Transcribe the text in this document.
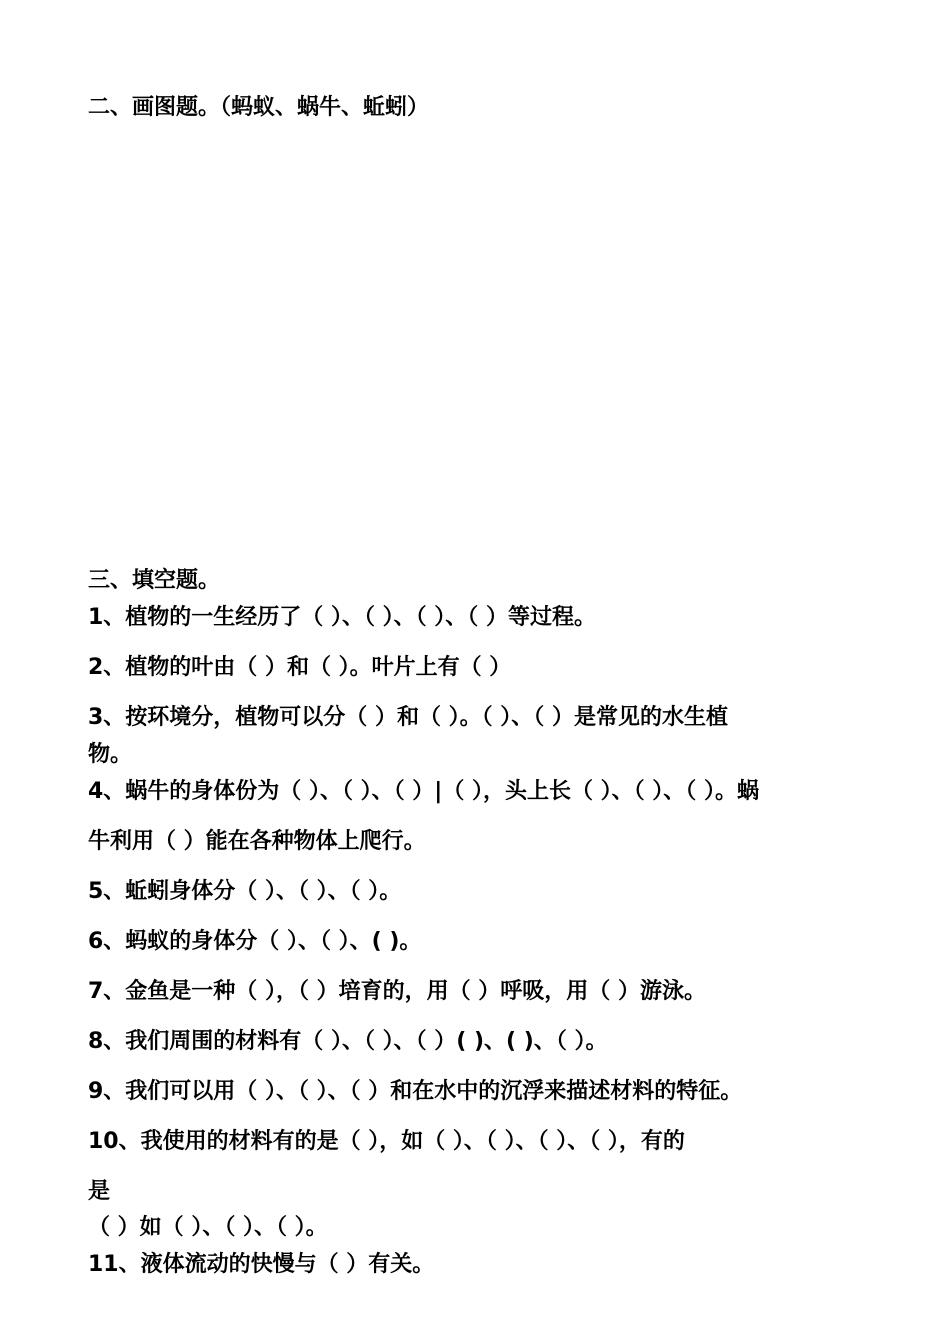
二、画图题。（蚂蚁、蜗牛、蚯蚓）
三、填空题。
1、植物的一生经历了（ ）、（ ）、（ ）、（ ）等过程。
2、植物的叶由（ ）和（ ）。叶片上有（ ）
3、按环境分，植物可以分（ ）和（ ）。（ ）、（ ）是常见的水生植
物。
4、蜗牛的身体份为（ ）、（ ）、（ ）|（ ），头上长（ ）、（ ）、（ ）。蜗
牛利用（ ）能在各种物体上爬行。
5、蚯蚓身体分（ ）、（ ）、（ ）。
6、蚂蚁的身体分（ ）、（ ）、( )。
7、金鱼是一种（ ），（ ）培育的，用（ ）呼吸，用（ ）游泳。
8、我们周围的材料有（ ）、（ ）、（ ）( )、( )、（ ）。
9、我们可以用（ ）、（ ）、（ ）和在水中的沉浮来描述材料的特征。
10、我使用的材料有的是（ ），如（ ）、（ ）、（ ）、（ ），有的
是
（ ）如（ ）、（ ）、（ ）。
11、液体流动的快慢与（ ）有关。
